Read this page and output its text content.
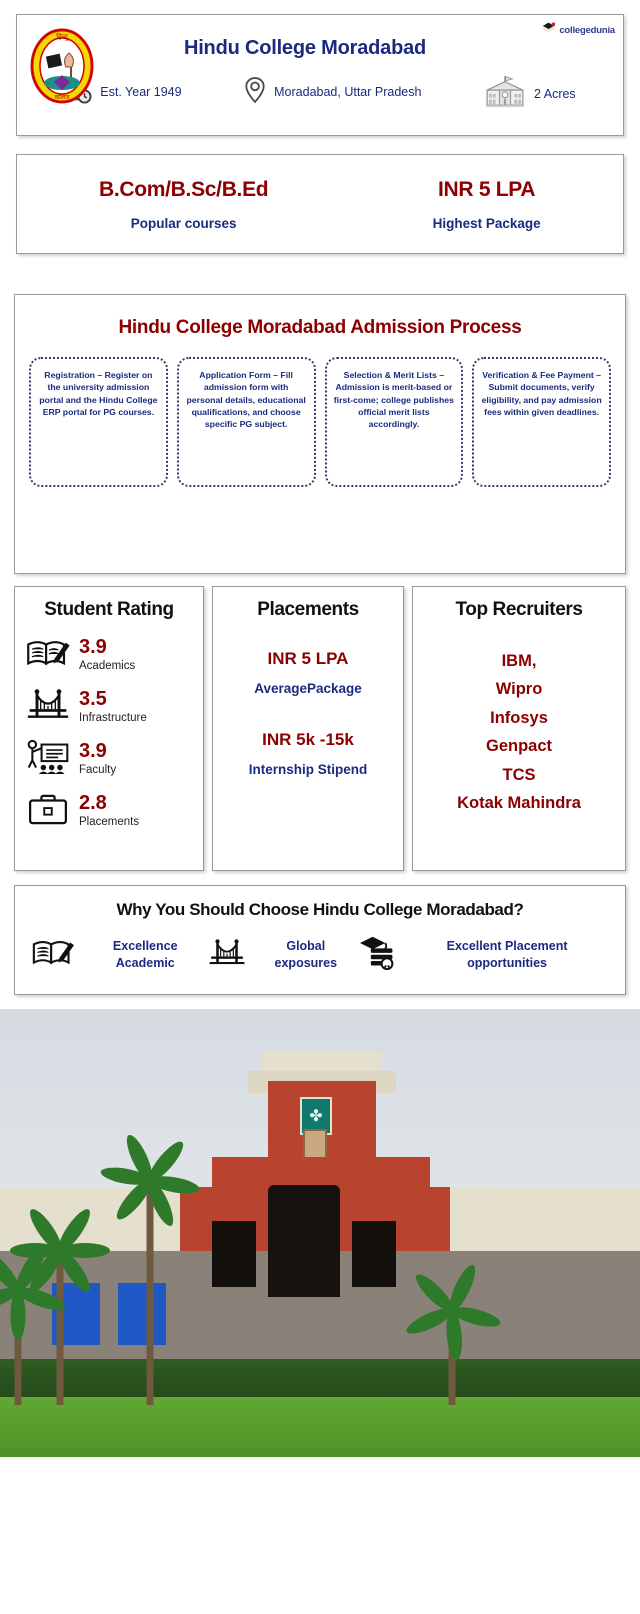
हिन्दू
कॉलेज
collegedunia
Hindu College Moradabad
Est. Year 1949	Moradabad, Uttar Pradesh	2 Acres
B.Com/B.Sc/B.Ed
Popular courses
INR 5 LPA
Highest Package
Hindu College Moradabad Admission Process
Registration – Register on the university admission portal and the Hindu College ERP portal for PG courses.
Application Form – Fill admission form with personal details, educational qualifications, and choose specific PG subject.
Selection & Merit Lists – Admission is merit-based or first-come; college publishes official merit lists accordingly.
Verification & Fee Payment – Submit documents, verify eligibility, and pay admission fees within given deadlines.
Student Rating
3.9
Academics
3.5
Infrastructure
3.9
Faculty
2.8
Placements
Placements
INR 5 LPA
AveragePackage
INR 5k -15k
Internship Stipend
Top Recruiters
IBM,
Wipro
Infosys
Genpact
TCS
Kotak Mahindra
Why You Should Choose Hindu College Moradabad?
Excellence Academic
Global exposures
Excellent Placement opportunities
✤
